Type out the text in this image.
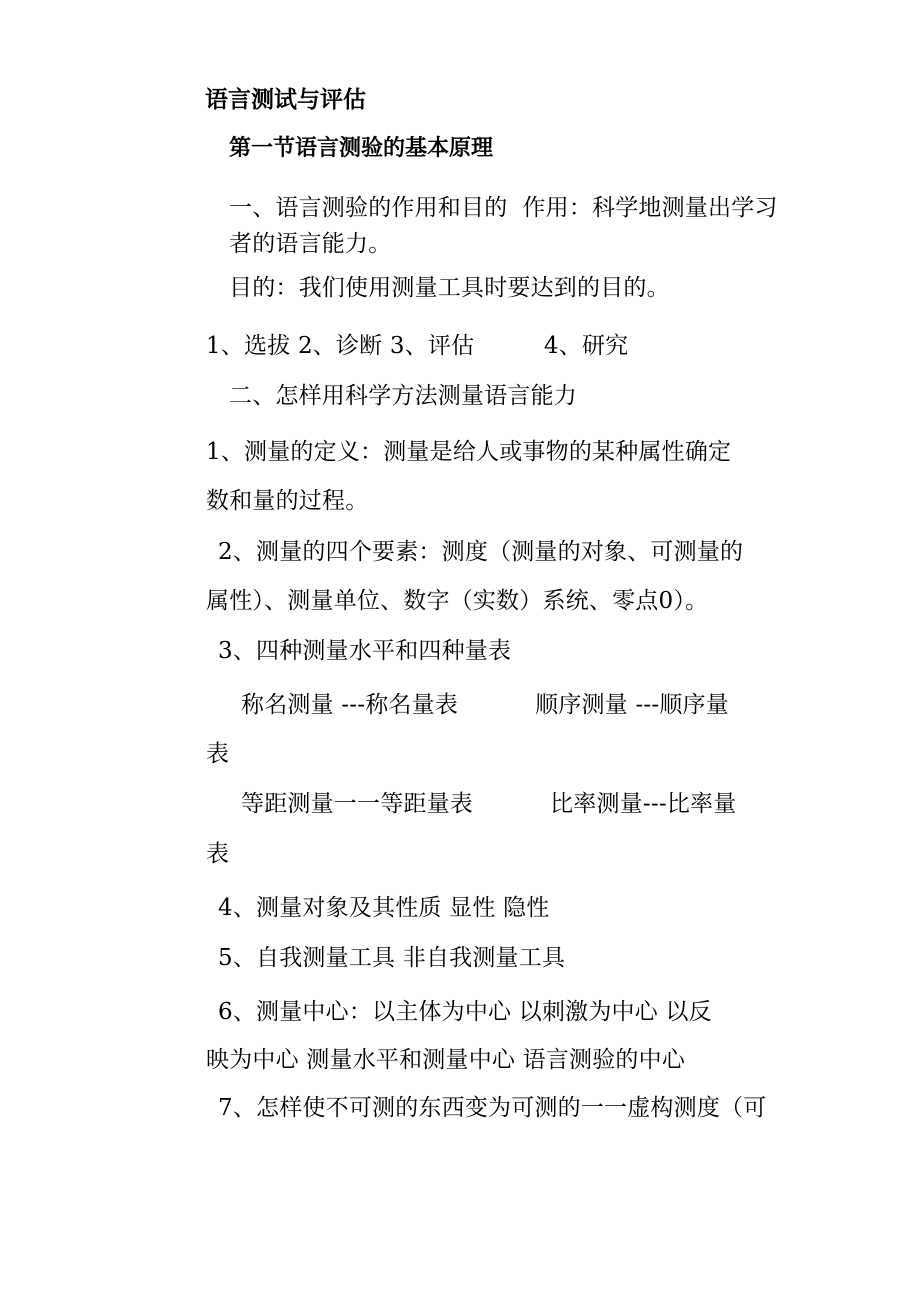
语言测试与评估
第一节语言测验的基本原理

一、语言测验的作用和目的  作用：科学地测量出学习者的语言能力。

目的：我们使用测量工具时要达到的目的。

1、选拔 2、诊断 3、评估　　　4、研究

二、怎样用科学方法测量语言能力

1、测量的定义：测量是给人或事物的某种属性确定

数和量的过程。

2、测量的四个要素：测度（测量的对象、可测量的

属性）、测量单位、数字（实数）系统、零点0）。

3、四种测量水平和四种量表

称名测量 ---称名量表　　　 顺序测量 ---顺序量

表

等距测量一一等距量表　　　 比率测量---比率量

表

4、测量对象及其性质 显性 隐性

5、自我测量工具 非自我测量工具

6、测量中心：以主体为中心 以刺激为中心 以反

映为中心 测量水平和测量中心 语言测验的中心

7、怎样使不可测的东西变为可测的一一虚构测度（可
